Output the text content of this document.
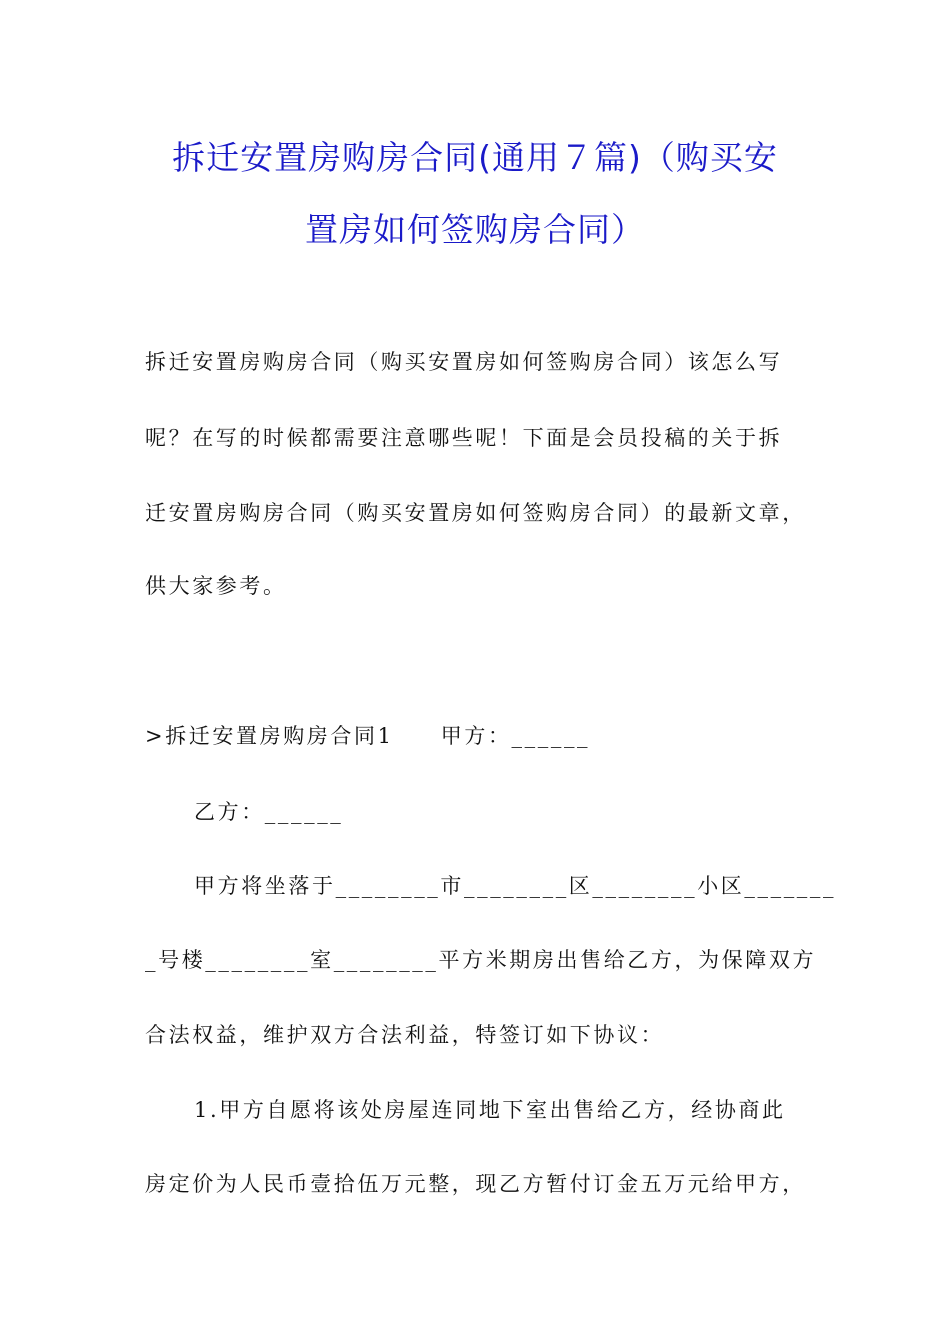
拆迁安置房购房合同(通用７篇)（购买安
置房如何签购房合同）
拆迁安置房购房合同（购买安置房如何签购房合同）该怎么写
呢？在写的时候都需要注意哪些呢！下面是会员投稿的关于拆
迁安置房购房合同（购买安置房如何签购房合同）的最新文章，
供大家参考。
>拆迁安置房购房合同1　　甲方：______
乙方：______
甲方将坐落于________市________区________小区_______
_号楼________室________平方米期房出售给乙方，为保障双方
合法权益，维护双方合法利益，特签订如下协议：
1.甲方自愿将该处房屋连同地下室出售给乙方，经协商此
房定价为人民币壹拾伍万元整，现乙方暂付订金五万元给甲方，
